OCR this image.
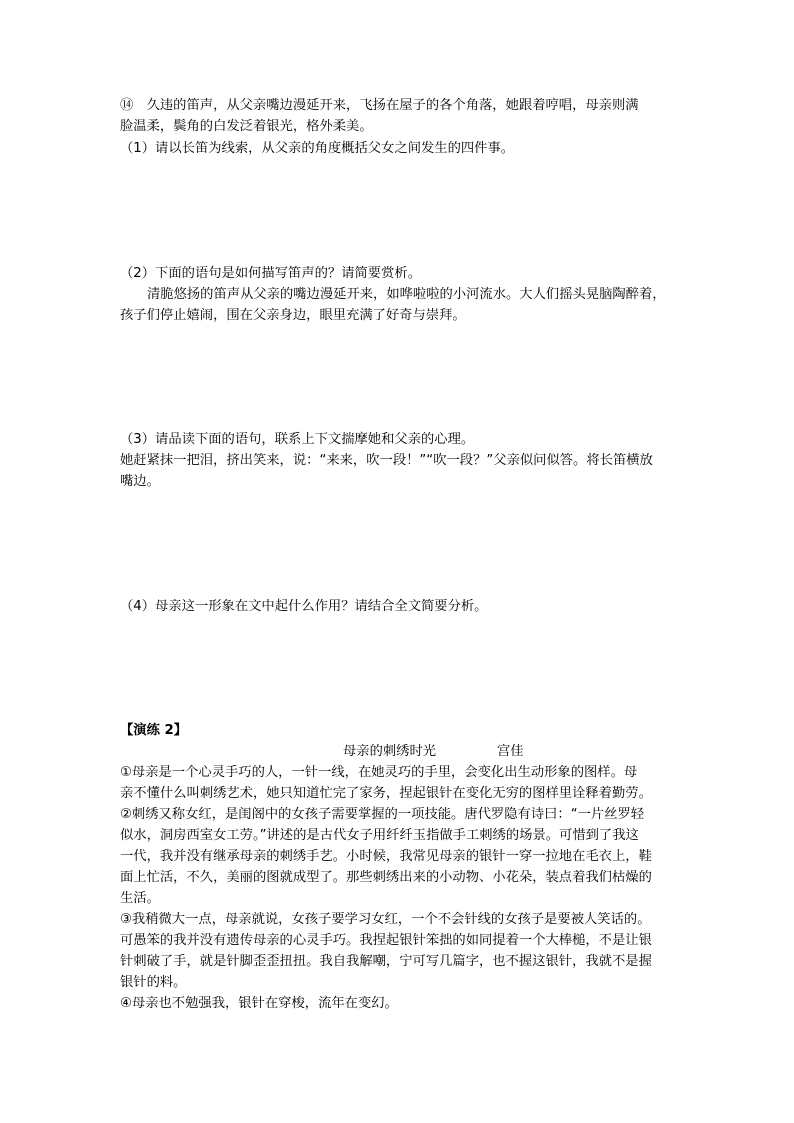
⑭　久违的笛声，从父亲嘴边漫延开来，飞扬在屋子的各个角落，她跟着哼唱，母亲则满
脸温柔，鬓角的白发泛着银光，格外柔美。
（1）请以长笛为线索，从父亲的角度概括父女之间发生的四件事。
（2）下面的语句是如何描写笛声的？请简要赏析。
清脆悠扬的笛声从父亲的嘴边漫延开来，如哗啦啦的小河流水。大人们摇头晃脑陶醉着，
孩子们停止嬉闹，围在父亲身边，眼里充满了好奇与崇拜。
（3）请品读下面的语句，联系上下文揣摩她和父亲的心理。
她赶紧抹一把泪，挤出笑来，说：“来来，吹一段！”“吹一段？”父亲似问似答。将长笛横放
嘴边。
（4）母亲这一形象在文中起什么作用？请结合全文简要分析。
【演练 2】
母亲的刺绣时光	宫佳
①母亲是一个心灵手巧的人，一针一线，在她灵巧的手里，会变化出生动形象的图样。母
亲不懂什么叫刺绣艺术，她只知道忙完了家务，捏起银针在变化无穷的图样里诠释着勤劳。
②刺绣又称女红，是闺阁中的女孩子需要掌握的一项技能。唐代罗隐有诗曰：“一片丝罗轻
似水，洞房西室女工劳。”讲述的是古代女子用纤纤玉指做手工刺绣的场景。可惜到了我这
一代，我并没有继承母亲的刺绣手艺。小时候，我常见母亲的银针一穿一拉地在毛衣上，鞋
面上忙活，不久，美丽的图就成型了。那些刺绣出来的小动物、小花朵，装点着我们枯燥的
生活。
③我稍微大一点，母亲就说，女孩子要学习女红，一个不会针线的女孩子是要被人笑话的。
可愚笨的我并没有遗传母亲的心灵手巧。我捏起银针笨拙的如同提着一个大棒槌，不是让银
针刺破了手，就是针脚歪歪扭扭。我自我解嘲，宁可写几篇字，也不握这银针，我就不是握
银针的料。
④母亲也不勉强我，银针在穿梭，流年在变幻。
